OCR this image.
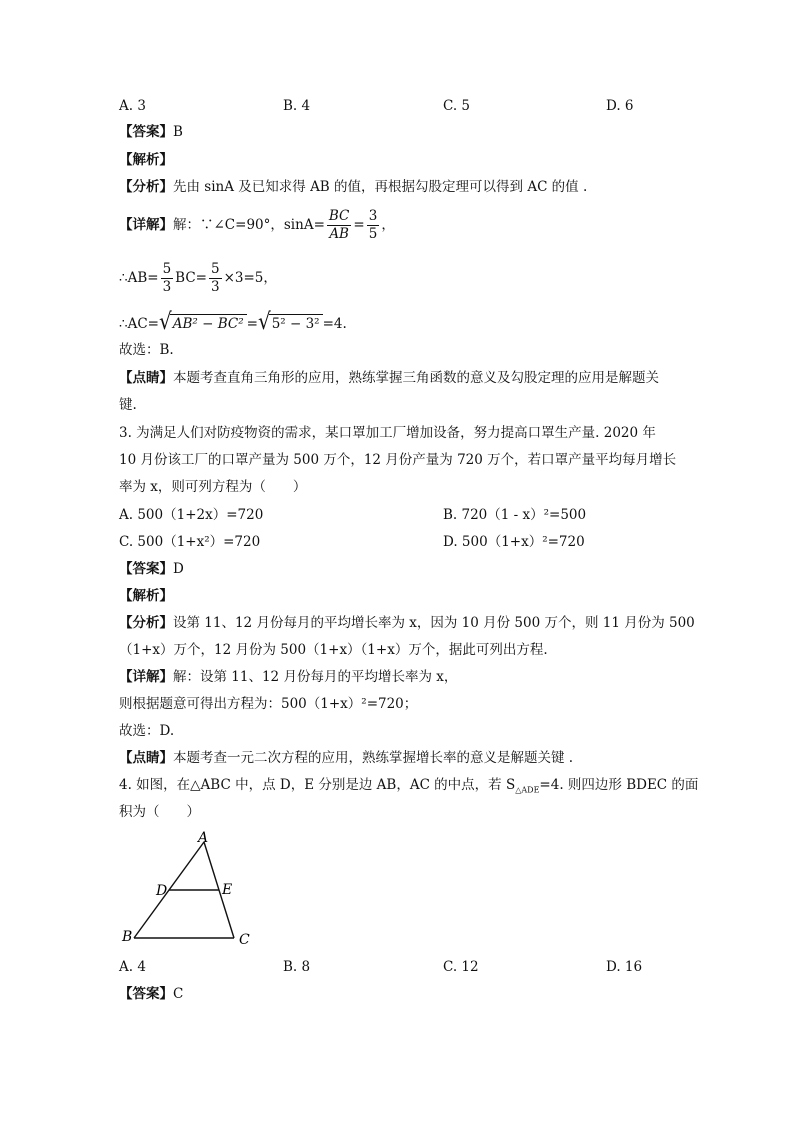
A. 3	B. 4	C. 5	D. 6
【答案】B
【解析】
【分析】先由 sinA 及已知求得 AB 的值，再根据勾股定理可以得到 AC 的值 .
【详解】解：∵∠C=90°，$\sin A= \frac{BC}{AB} = \frac{3}{5}$ ，
∴AB= $\frac{5}{3} BC= \frac{5}{3} \times 3=5$，
∴AC=√AB² − BC² =√5² − 3² =4.
故选：B.
【点睛】本题考查直角三角形的应用，熟练掌握三角函数的意义及勾股定理的应用是解题关
键.
3. 为满足人们对防疫物资的需求，某口罩加工厂增加设备，努力提高口罩生产量. 2020 年
10 月份该工厂的口罩产量为 500 万个，12 月份产量为 720 万个，若口罩产量平均每月增长
率为 x，则可列方程为（　　）
A. 500（1+2x）=720	B. 720（1 - x）²=500
C. 500（1+x²）=720	D. 500（1+x）²=720
【答案】D
【解析】
【分析】设第 11、12 月份每月的平均增长率为 x，因为 10 月份 500 万个，则 11 月份为 500
（1+x）万个，12 月份为 500（1+x）（1+x）万个，据此可列出方程.
【详解】解：设第 11、12 月份每月的平均增长率为 x，
则根据题意可得出方程为：500（1+x）²=720；
故选：D.
【点睛】本题考查一元二次方程的应用，熟练掌握增长率的意义是解题关键 .
4. 如图，在△ABC 中，点 D，E 分别是边 AB，AC 的中点，若 $S_{\triangle ADE}=4$. 则四边形 BDEC 的面
积为（　　）
A
D	E
B	C
A. 4	B. 8	C. 12	D. 16
【答案】C
